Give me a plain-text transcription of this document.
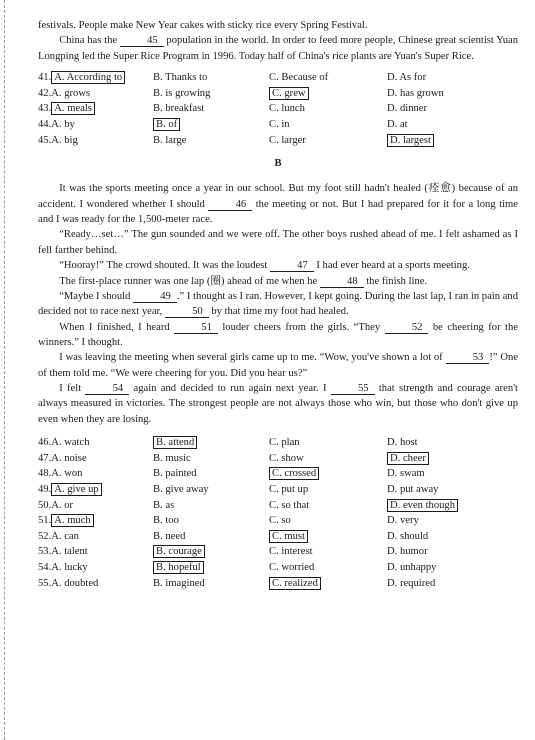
festivals. People make New Year cakes with sticky rice every Spring Festival.

China has the	45 population in the world. In order to feed more people, Chinese great scientist Yuan Longping led the Super Rice Program in 1996. Today half of China's rice plants are Yuan's Super Rice.

41. A. According to	B. Thanks to	C. Because of	D. As for
42.A. grows	B. is growing	C. grew	D. has grown
43. A. meals	B. breakfast	C. lunch	D. dinner
44.A. by	B. of	C. in	D. at
45.A. big	B. large	C. larger	D. largest
B

It was the sports meeting once a year in our school. But my foot still hadn't healed (痊愈) because of an accident. I wondered whether I should	46 the meeting or not. But I had prepared for it for a long time and I was ready for the 1,500-meter race.

“Ready…set…” The gun sounded and we were off. The other boys rushed ahead of me. I felt ashamed as I fell farther behind.

“Hooray!” The crowd shouted. It was the loudest	47 I had ever heard at a sports meeting.

The first-place runner was one lap (圈) ahead of me when he	48 the finish line.

“Maybe I should	49 .” I thought as I ran. However, I kept going. During the last lap, I ran in pain and decided not to race next year,	50 by that time my foot had healed.

When I finished, I heard	51 louder cheers from the girls. “They	52 be cheering for the winners.” I thought.

I was leaving the meeting when several girls came up to me. “Wow, you've shown a lot of	53 !” One of them told me. “We were cheering for you. Did you hear us?”

I felt	54 again and decided to run again next year. I	55 that strength and courage aren't always measured in victories. The strongest people are not always those who win, but those who don't give up even when they are losing.

46.A. watch	B. attend	C. plan	D. host
47.A. noise	B. music	C. show	D. cheer
48.A. won	B. painted	C. crossed	D. swam
49. A. give up	B. give away	C. put up	D. put away
50.A. or	B. as	C. so that	D. even though
51. A. much	B. too	C. so	D. very
52.A. can	B. need	C. must	D. should
53.A. talent	B. courage	C. interest	D. humor
54.A. lucky	B. hopeful	C. worried	D. unhappy
55.A. doubted	B. imagined	C. realized	D. required
